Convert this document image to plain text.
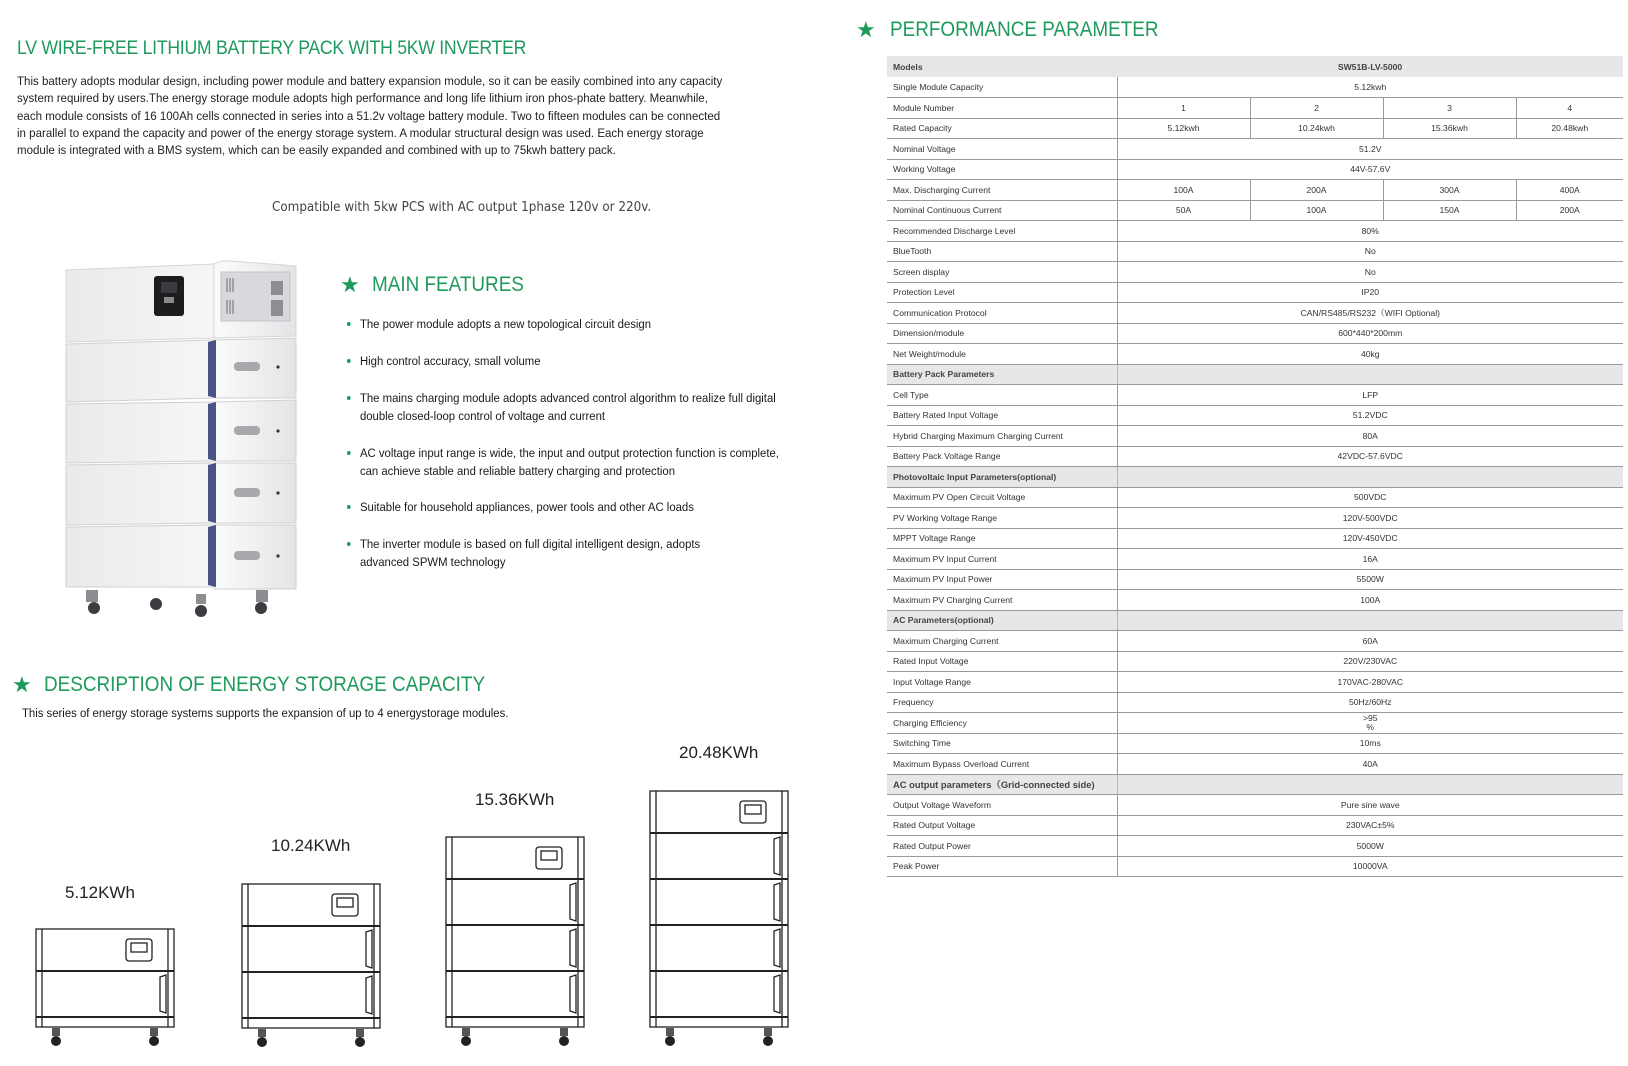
LV WIRE-FREE LITHIUM BATTERY PACK WITH 5KW INVERTER

This battery adopts modular design, including power module and battery expansion module, so it can be easily combined into any capacity system required by users.The energy storage module adopts high performance and long life lithium iron phos-phate battery. Meanwhile, each module consists of 16 100Ah cells connected in series into a 51.2v voltage battery module. Two to fifteen modules can be connected in parallel to expand the capacity and power of the energy storage system. A modular structural design was used. Each energy storage module is integrated with a BMS system, which can be easily expanded and combined with up to 75kwh battery pack.

Compatible with 5kw PCS with AC output 1phase 120v or 220v.

★ MAIN FEATURES
The power module adopts a new topological circuit design
High control accuracy, small volume
The mains charging module adopts advanced control algorithm to realize full digital double closed-loop control of voltage and current
AC voltage input range is wide, the input and output protection function is complete, can achieve stable and reliable battery charging and protection
Suitable for household appliances, power tools and other AC loads
The inverter module is based on full digital intelligent design, adopts advanced SPWM technology
★ DESCRIPTION OF ENERGY STORAGE CAPACITY

This series of energy storage systems supports the expansion of up to 4 energystorage modules.

5.12KWh
10.24KWh
15.36KWh
20.48KWh
★ PERFORMANCE PARAMETER
Models	SW51B-LV-5000			
Single Module Capacity	5.12kwh			
Module Number	1	2	3	4
Rated Capacity	5.12kwh	10.24kwh	15.36kwh	20.48kwh
Nominal Voltage	51.2V			
Working Voltage	44V-57.6V			
Max. Discharging Current	100A	200A	300A	400A
Nominal Continuous Current	50A	100A	150A	200A
Recommended Discharge Level	80%			
BlueTooth	No			
Screen display	No			
Protection Level	IP20			
Communication Protocol	CAN/RS485/RS232（WIFI Optional)			
Dimension/module	600*440*200mm			
Net Weight/module	40kg			
Battery Pack Parameters				
Cell Type	LFP			
Battery Rated Input Voltage	51.2VDC			
Hybrid Charging Maximum Charging Current	80A			
Battery Pack Voltage Range	42VDC-57.6VDC			
Photovoltaic Input Parameters(optional)				
Maximum PV Open Circuit Voltage	500VDC			
PV Working Voltage Range	120V-500VDC			
MPPT Voltage Range	120V-450VDC			
Maximum PV Input Current	16A			
Maximum PV Input Power	5500W			
Maximum PV Charging Current	100A			
AC Parameters(optional)				
Maximum Charging Current	60A			
Rated Input Voltage	220V/230VAC			
Input Voltage Range	170VAC-280VAC			
Frequency	50Hz/60Hz			
Charging Efficiency	>95
%			
Switching Time	10ms			
Maximum Bypass Overload Current	40A			
AC output parameters（Grid-connected side)				
Output Voltage Waveform	Pure sine wave			
Rated Output Voltage	230VAC±5%			
Rated Output Power	5000W			
Peak Power	10000VA			
